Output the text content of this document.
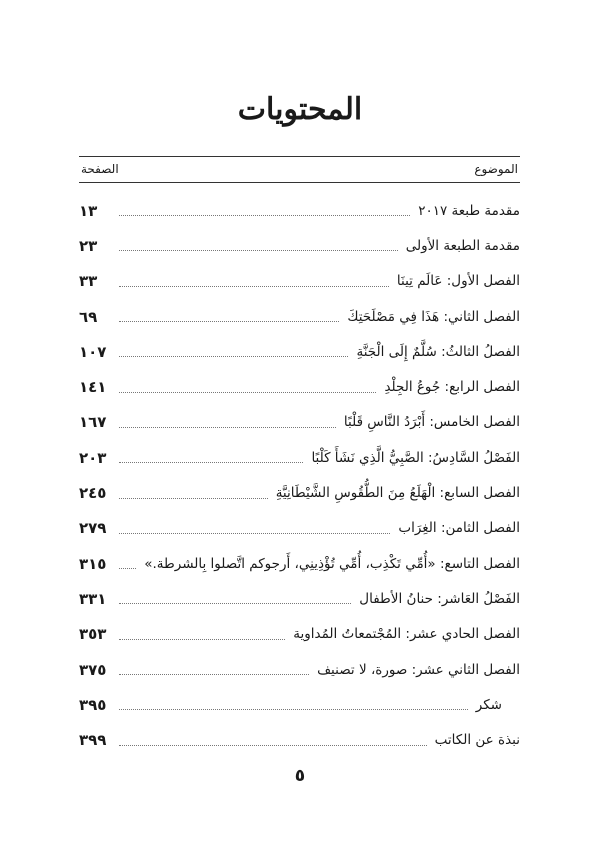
المحتويات
الموضوع
الصفحة
مقدمة طبعة ٢٠١٧
١٣
مقدمة الطبعة الأولى
٢٣
الفصل الأول: عَالَم تِينَا
٣٣
الفصل الثاني: هَذَا فِي مَصْلَحَتِكَ
٦٩
الفصلُ الثالثُ: سُلَّمٌ إِلَى الْجَنَّةِ
١٠٧
الفصل الرابع: جُوعُ الجِلْدِ
١٤١
الفصل الخامس: أَبْرَدُ النَّاسِ قَلْبًا
١٦٧
الفَصْلُ السَّادِسُ: الصَّبِيُّ الَّذِي نَشَأَ كَلْبًا
٢٠٣
الفصل السابع: الْهَلَعُ مِنَ الطُّقُوسِ الشَّيْطَانِيَّةِ
٢٤٥
الفصل الثامن: الغِرَاب
٢٧٩
الفصل التاسع: «أُمِّي تَكْذِب، أُمِّي تُؤْذِينِي، أَرجوكم اتَّصلوا بِالشرطة.»
٣١٥
الفَصْلُ العَاشر: حنانُ الأطفال
٣٣١
الفصل الحادي عشر: المُجْتمعاتُ المُداوية
٣٥٣
الفصل الثاني عشر: صورة، لا تصنيف
٣٧٥
شكر
٣٩٥
نبذة عن الكاتب
٣٩٩
٥
